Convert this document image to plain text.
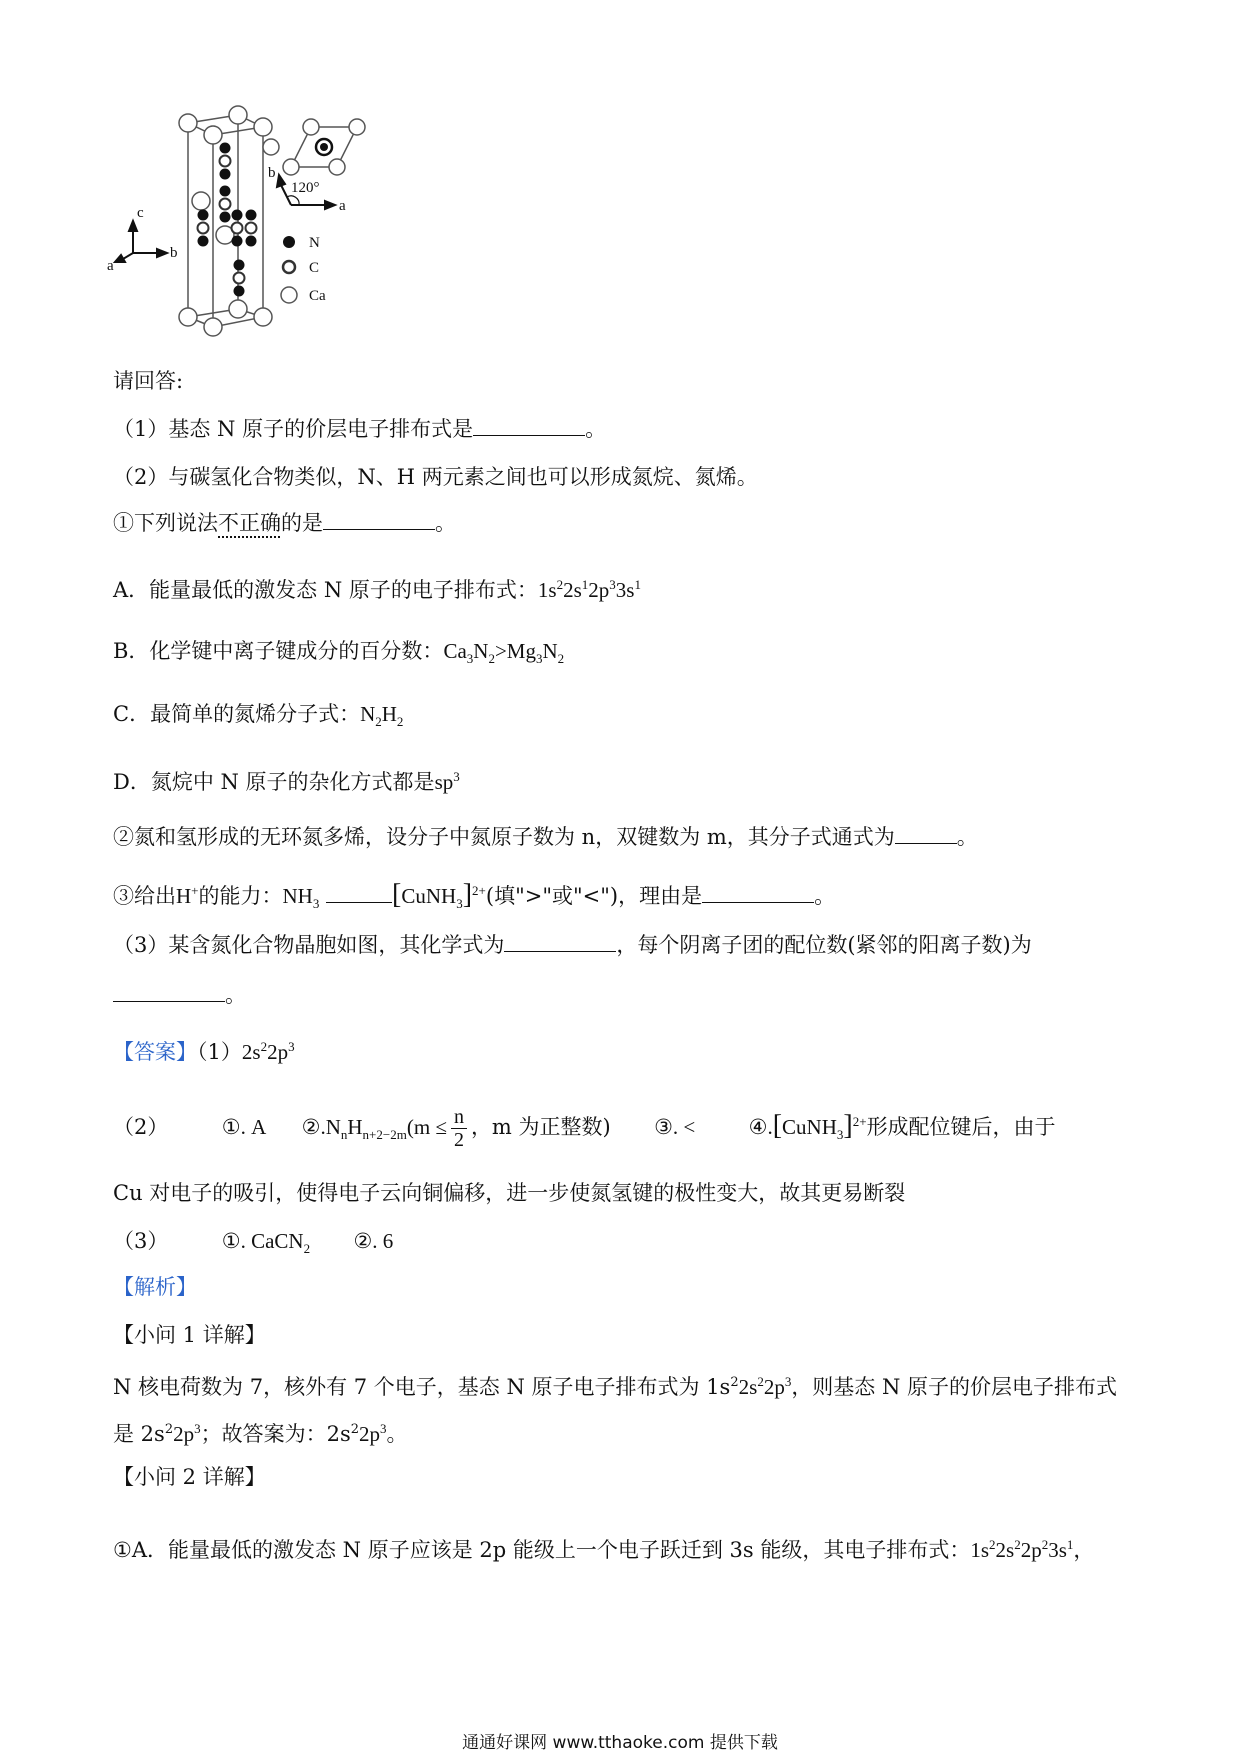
a
b
120°
c
a
b
N
C
Ca
请回答:
（1）基态 N 原子的价层电子排布式是	。
（2）与碳氢化合物类似，N、H 两元素之间也可以形成氮烷、氮烯。
①下列说法不正确的是	。
A．能量最低的激发态 N 原子的电子排布式：$1s^22s^12p^33s^1$
B．化学键中离子键成分的百分数：$Ca_3N_2>Mg_3N_2$
C．最简单的氮烯分子式：$N_2H_2$
D．氮烷中 N 原子的杂化方式都是$sp^3$
②氮和氢形成的无环氮多烯，设分子中氮原子数为 n，双键数为 m，其分子式通式为	。
③给出H+的能力：$NH_3$	[CuNH$_3$]$^{2+}$(填">"或"<")，理由是	。
（3）某含氮化合物晶胞如图，其化学式为	，每个阴离子团的配位数(紧邻的阳离子数)为
。
【答案】$(1)2s^22p^3$
（2）	①. A $②.N_nH_{n+2-2m}(m \le \frac{n}{2}$ ，m 为正整数) ③. <	④.[CuNH$_3$]$^{2+}$形成配位键后，由于
Cu 对电子的吸引，使得电子云向铜偏移，进一步使氮氢键的极性变大，故其更易断裂
（3）	①. CaCN$_2$ ②. 6
【解析】
【小问 1 详解】
N 核电荷数为 7，核外有 7 个电子，基态 N 原子电子排布式为 $1s^22s^22p^3$，则基态 N 原子的价层电子排布式
是 $2s^22p^3$；故答案为：$2s^22p^3$。
【小问 2 详解】
①A．能量最低的激发态 N 原子应该是 2p 能级上一个电子跃迁到 3s 能级，其电子排布式：$1s^22s^22p^23s^1$，
通通好课网 www.tthaoke.com 提供下载
